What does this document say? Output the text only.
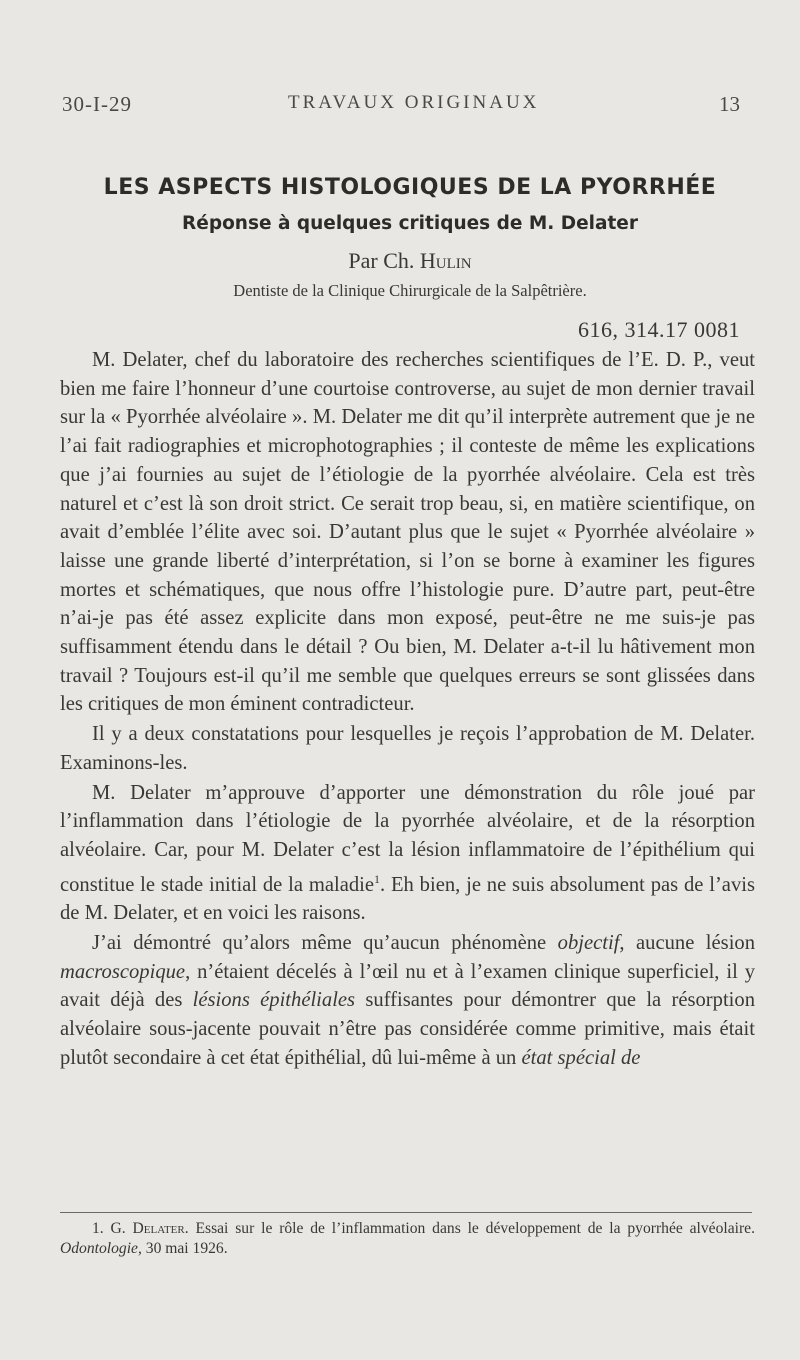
30-I-29	TRAVAUX ORIGINAUX	13
LES ASPECTS HISTOLOGIQUES DE LA PYORRHÉE
Réponse à quelques critiques de M. Delater
Par Ch. Hulin
Dentiste de la Clinique Chirurgicale de la Salpêtrière.
616, 314.17 0081

M. Delater, chef du laboratoire des recherches scientifiques de l’E. D. P., veut bien me faire l’honneur d’une courtoise controverse, au sujet de mon dernier travail sur la « Pyorrhée alvéolaire ». M. Delater me dit qu’il interprète autrement que je ne l’ai fait radiographies et microphotographies ; il conteste de même les explications que j’ai fournies au sujet de l’étiologie de la pyorrhée alvéolaire. Cela est très naturel et c’est là son droit strict. Ce serait trop beau, si, en matière scientifique, on avait d’emblée l’élite avec soi. D’autant plus que le sujet « Pyorrhée alvéolaire » laisse une grande liberté d’interprétation, si l’on se borne à examiner les figures mortes et schématiques, que nous offre l’histologie pure. D’autre part, peut-être n’ai-je pas été assez explicite dans mon exposé, peut-être ne me suis-je pas suffisamment étendu dans le détail ? Ou bien, M. Delater a-t-il lu hâtivement mon travail ? Toujours est-il qu’il me semble que quelques erreurs se sont glissées dans les critiques de mon éminent contradicteur.

Il y a deux constatations pour lesquelles je reçois l’approbation de M. Delater. Examinons-les.

M. Delater m’approuve d’apporter une démonstration du rôle joué par l’inflammation dans l’étiologie de la pyorrhée alvéolaire, et de la résorption alvéolaire. Car, pour M. Delater c’est la lésion inflammatoire de l’épithélium qui constitue le stade initial de la maladie$^1$. Eh bien, je ne suis absolument pas de l’avis de M. Delater, et en voici les raisons.

J’ai démontré qu’alors même qu’aucun phénomène objectif, aucune lésion macroscopique, n’étaient décelés à l’œil nu et à l’examen clinique superficiel, il y avait déjà des lésions épithéliales suffisantes pour démontrer que la résorption alvéolaire sous-jacente pouvait n’être pas considérée comme primitive, mais était plutôt secondaire à cet état épithélial, dû lui-même à un état spécial de

1. G. Delater. Essai sur le rôle de l’inflammation dans le développement de la pyorrhée alvéolaire. Odontologie, 30 mai 1926.
